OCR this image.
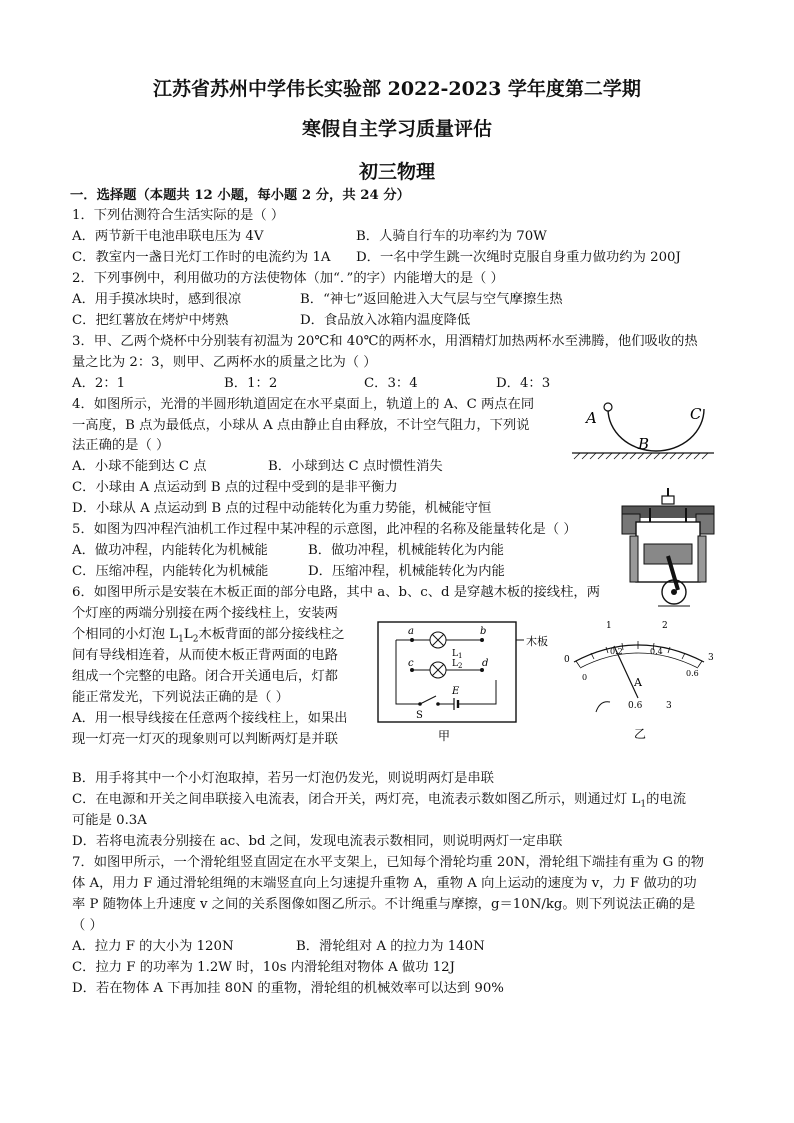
江苏省苏州中学伟长实验部 2022-2023 学年度第二学期
寒假自主学习质量评估
初三物理
一．选择题（本题共 12 小题，每小题 2 分，共 24 分）
1．下列估测符合生活实际的是（ ）
A．两节新干电池串联电压为 4V	B．人骑自行车的功率约为 70W
C．教室内一盏日光灯工作时的电流约为 1A D．一名中学生跳一次绳时克服自身重力做功约为 200J
2．下列事例中，利用做功的方法使物体（加“．”的字）内能增大的是（ ）
A．用手摸冰块时，感到很凉	B．“神七”返回舱进入大气层与空气摩擦生热
C．把红薯放在烤炉中烤熟	D．食品放入冰箱内温度降低
3．甲、乙两个烧杯中分别装有初温为 20℃和 40℃的两杯水，用酒精灯加热两杯水至沸腾，他们吸收的热
量之比为 2：3，则甲、乙两杯水的质量之比为（ ）
A．2：1	B．1：2	C．3：4	D．4：3
4．如图所示，光滑的半圆形轨道固定在水平桌面上，轨道上的 A、C 两点在同
一高度，B 点为最低点，小球从 A 点由静止自由释放，不计空气阻力，下列说
法正确的是（ ）
A．小球不能到达 C 点	B．小球到达 C 点时惯性消失
C．小球由 A 点运动到 B 点的过程中受到的是非平衡力
D．小球从 A 点运动到 B 点的过程中动能转化为重力势能，机械能守恒
A	C
B
5．如图为四冲程汽油机工作过程中某冲程的示意图，此冲程的名称及能量转化是（ ）
A．做功冲程，内能转化为机械能	B．做功冲程，机械能转化为内能
C．压缩冲程，内能转化为机械能	D．压缩冲程，机械能转化为内能
6．如图甲所示是安装在木板正面的部分电路，其中 a、b、c、d 是穿越木板的接线柱，两
个灯座的两端分别接在两个接线柱上，安装两
个相同的小灯泡 $L_1L_2$木板背面的部分接线柱之
间有导线相连着，从而使木板正背两面的电路
组成一个完整的电路。闭合开关通电后，灯都
能正常发光，下列说法正确的是（ ）
A．用一根导线接在任意两个接线柱上，如果出
现一灯亮一灯灭的现象则可以判断两灯是并联
木板
a	b
$L_1$
c	d
$L_2$
S
E
甲
0
1	2
3
0
0.2	0.4
0.6
A
0.6	3
乙
B．用手将其中一个小灯泡取掉，若另一灯泡仍发光，则说明两灯是串联
C．在电源和开关之间串联接入电流表，闭合开关，两灯亮，电流表示数如图乙所示，则通过灯 $L_1$的电流
可能是 0.3A
D．若将电流表分别接在 ac、bd 之间，发现电流表示数相同，则说明两灯一定串联
7．如图甲所示，一个滑轮组竖直固定在水平支架上，已知每个滑轮均重 20N，滑轮组下端挂有重为 G 的物
体 A，用力 F 通过滑轮组绳的末端竖直向上匀速提升重物 A，重物 A 向上运动的速度为 v，力 F 做功的功
率 P 随物体上升速度 v 之间的关系图像如图乙所示。不计绳重与摩擦，g＝10N/kg。则下列说法正确的是
（ ）
A．拉力 F 的大小为 120N	B．滑轮组对 A 的拉力为 140N
C．拉力 F 的功率为 1.2W 时，10s 内滑轮组对物体 A 做功 12J
D．若在物体 A 下再加挂 80N 的重物，滑轮组的机械效率可以达到 90%
